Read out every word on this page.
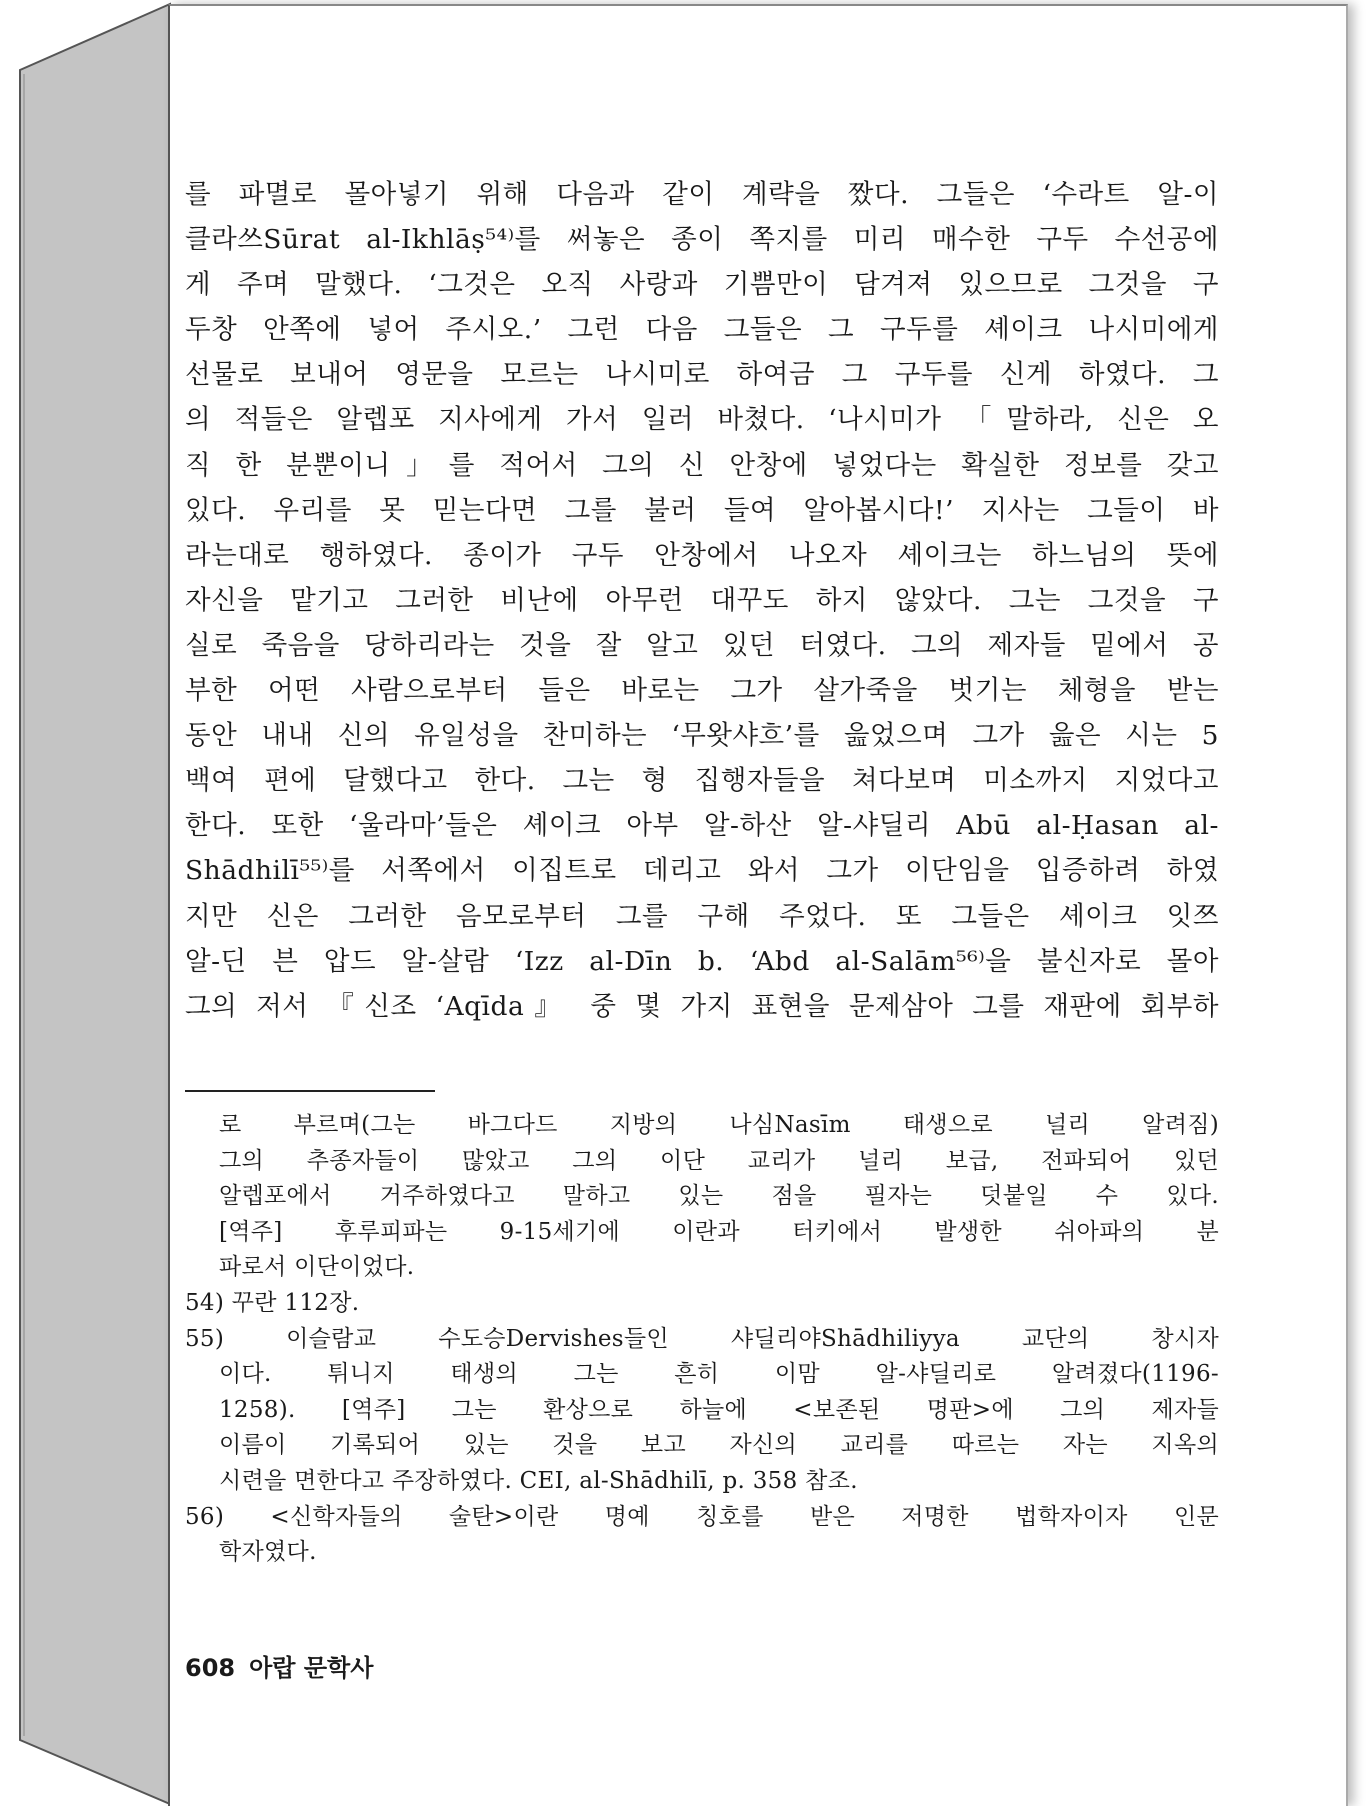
를 파멸로 몰아넣기 위해 다음과 같이 계략을 짰다. 그들은 ‘수라트 알-이
클라쓰Sūrat al-Ikhlāṣ⁵⁴⁾를 써놓은 종이 쪽지를 미리 매수한 구두 수선공에
게 주며 말했다. ‘그것은 오직 사랑과 기쁨만이 담겨져 있으므로 그것을 구
두창 안쪽에 넣어 주시오.’ 그런 다음 그들은 그 구두를 셰이크 나시미에게
선물로 보내어 영문을 모르는 나시미로 하여금 그 구두를 신게 하였다. 그
의 적들은 알렙포 지사에게 가서 일러 바쳤다. ‘나시미가 「말하라, 신은 오
직 한 분뿐이니」를 적어서 그의 신 안창에 넣었다는 확실한 정보를 갖고
있다. 우리를 못 믿는다면 그를 불러 들여 알아봅시다!’ 지사는 그들이 바
라는대로 행하였다. 종이가 구두 안창에서 나오자 셰이크는 하느님의 뜻에
자신을 맡기고 그러한 비난에 아무런 대꾸도 하지 않았다. 그는 그것을 구
실로 죽음을 당하리라는 것을 잘 알고 있던 터였다. 그의 제자들 밑에서 공
부한 어떤 사람으로부터 들은 바로는 그가 살가죽을 벗기는 체형을 받는
동안 내내 신의 유일성을 찬미하는 ‘무왓샤흐’를 읊었으며 그가 읊은 시는 5
백여 편에 달했다고 한다. 그는 형 집행자들을 쳐다보며 미소까지 지었다고
한다. 또한 ‘울라마’들은 셰이크 아부 알-하산 알-샤딜리 Abū al-Ḥasan al-
Shādhilī⁵⁵⁾를 서쪽에서 이집트로 데리고 와서 그가 이단임을 입증하려 하였
지만 신은 그러한 음모로부터 그를 구해 주었다. 또 그들은 셰이크 잇쯔
알-딘 븐 압드 알-살람 ‘Izz al-Dīn b. ‘Abd al-Salām⁵⁶⁾을 불신자로 몰아
그의 저서 『신조 ‘Aqīda』 중 몇 가지 표현을 문제삼아 그를 재판에 회부하
로 부르며(그는 바그다드 지방의 나심Nasīm 태생으로 널리 알려짐)
그의 추종자들이 많았고 그의 이단 교리가 널리 보급, 전파되어 있던
알렙포에서 거주하였다고 말하고 있는 점을 필자는 덧붙일 수 있다.
[역주] 후루피파는 9-15세기에 이란과 터키에서 발생한 쉬아파의 분
파로서 이단이었다.
54) 꾸란 112장.
55) 이슬람교 수도승Dervishes들인 샤딜리야Shādhiliyya 교단의 창시자
이다. 튀니지 태생의 그는 흔히 이맘 알-샤딜리로 알려졌다(1196-
1258). [역주] 그는 환상으로 하늘에 <보존된 명판>에 그의 제자들
이름이 기록되어 있는 것을 보고 자신의 교리를 따르는 자는 지옥의
시련을 면한다고 주장하였다. CEI, al-Shādhilī, p. 358 참조.
56) <신학자들의 술탄>이란 명예 칭호를 받은 저명한 법학자이자 인문
학자였다.
608 아랍 문학사
